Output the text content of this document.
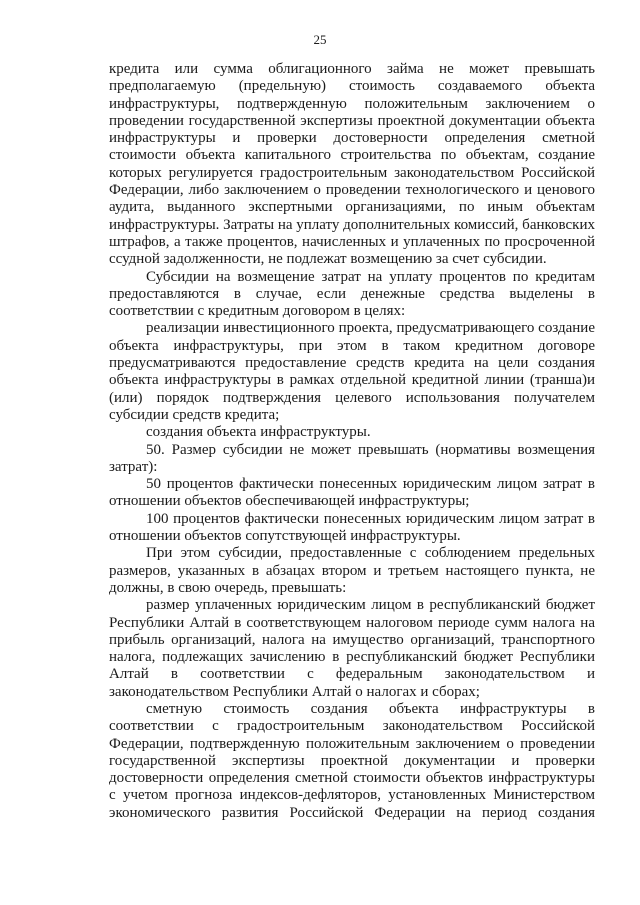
25

кредита или сумма облигационного займа не может превышать предполагаемую (предельную) стоимость создаваемого объекта инфраструктуры, подтвержденную положительным заключением о проведении государственной экспертизы проектной документации объекта инфраструктуры и проверки достоверности определения сметной стоимости объекта капитального строительства по объектам, создание которых регулируется градостроительным законодательством Российской Федерации, либо заключением о проведении технологического и ценового аудита, выданного экспертными организациями, по иным объектам инфраструктуры. Затраты на уплату дополнительных комиссий, банковских штрафов, а также процентов, начисленных и уплаченных по просроченной ссудной задолженности, не подлежат возмещению за счет субсидии.

Субсидии на возмещение затрат на уплату процентов по кредитам предоставляются в случае, если денежные средства выделены в соответствии с кредитным договором в целях:

реализации инвестиционного проекта, предусматривающего создание объекта инфраструктуры, при этом в таком кредитном договоре предусматриваются предоставление средств кредита на цели создания объекта инфраструктуры в рамках отдельной кредитной линии (транша)и (или) порядок подтверждения целевого использования получателем субсидии средств кредита;

создания объекта инфраструктуры.

50. Размер субсидии не может превышать (нормативы возмещения затрат):

50 процентов фактически понесенных юридическим лицом затрат в отношении объектов обеспечивающей инфраструктуры;

100 процентов фактически понесенных юридическим лицом затрат в отношении объектов сопутствующей инфраструктуры.

При этом субсидии, предоставленные с соблюдением предельных размеров, указанных в абзацах втором и третьем настоящего пункта, не должны, в свою очередь, превышать:

размер уплаченных юридическим лицом в республиканский бюджет Республики Алтай в соответствующем налоговом периоде сумм налога на прибыль организаций, налога на имущество организаций, транспортного налога, подлежащих зачислению в республиканский бюджет Республики Алтай в соответствии с федеральным законодательством и законодательством Республики Алтай о налогах и сборах;

сметную стоимость создания объекта инфраструктуры в соответствии с градостроительным законодательством Российской Федерации, подтвержденную положительным заключением о проведении государственной экспертизы проектной документации и проверки достоверности определения сметной стоимости объектов инфраструктуры с учетом прогноза индексов-дефляторов, установленных Министерством экономического развития Российской Федерации на период создания
